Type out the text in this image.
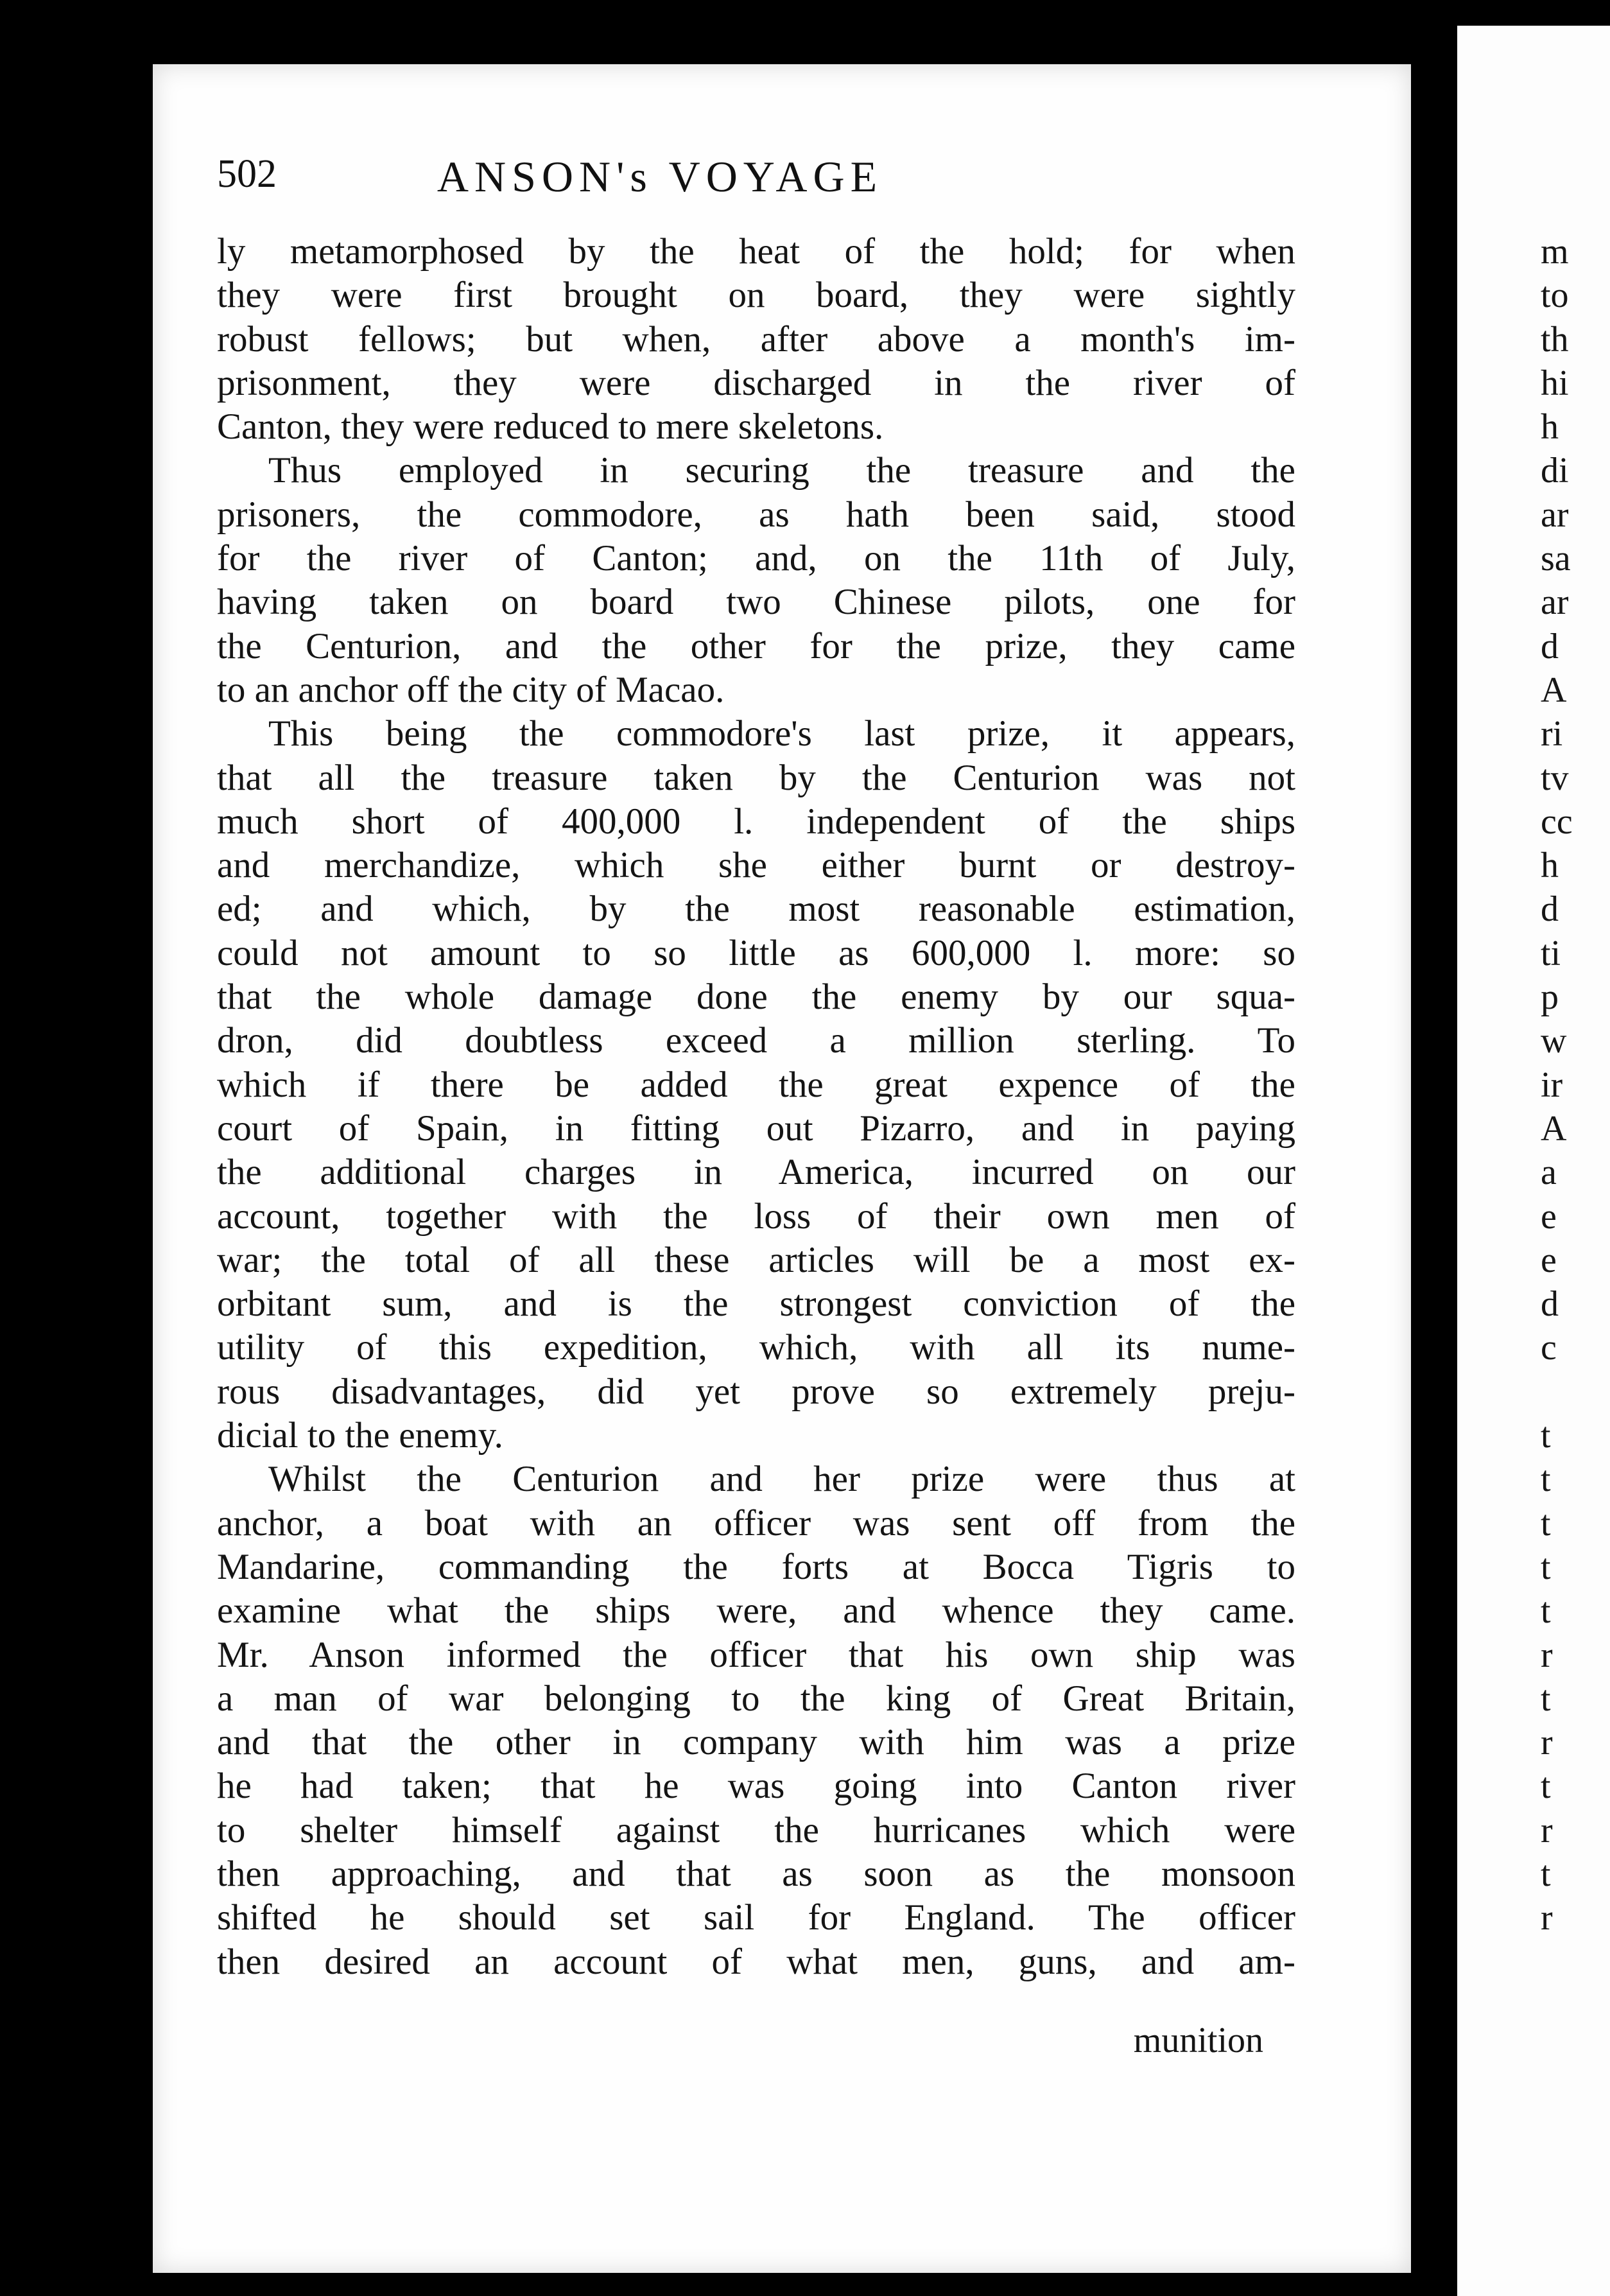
502	ANSON's VOYAGE
ly metamorphosed by the heat of the hold; for when
they were first brought on board, they were sightly
robust fellows; but when, after above a month's im-
prisonment, they were discharged in the river of
Canton, they were reduced to mere skeletons.
Thus employed in securing the treasure and the
prisoners, the commodore, as hath been said, stood
for the river of Canton; and, on the 11th of July,
having taken on board two Chinese pilots, one for
the Centurion, and the other for the prize, they came
to an anchor off the city of Macao.
This being the commodore's last prize, it appears,
that all the treasure taken by the Centurion was not
much short of 400,000 l. independent of the ships
and merchandize, which she either burnt or destroy-
ed; and which, by the most reasonable estimation,
could not amount to so little as 600,000 l. more: so
that the whole damage done the enemy by our squa-
dron, did doubtless exceed a million sterling. To
which if there be added the great expence of the
court of Spain, in fitting out Pizarro, and in paying
the additional charges in America, incurred on our
account, together with the loss of their own men of
war; the total of all these articles will be a most ex-
orbitant sum, and is the strongest conviction of the
utility of this expedition, which, with all its nume-
rous disadvantages, did yet prove so extremely preju-
dicial to the enemy.
Whilst the Centurion and her prize were thus at
anchor, a boat with an officer was sent off from the
Mandarine, commanding the forts at Bocca Tigris to
examine what the ships were, and whence they came.
Mr. Anson informed the officer that his own ship was
a man of war belonging to the king of Great Britain,
and that the other in company with him was a prize
he had taken; that he was going into Canton river
to shelter himself against the hurricanes which were
then approaching, and that as soon as the monsoon
shifted he should set sail for England. The officer
then desired an account of what men, guns, and am-
munition
m
to
th
hi
h
di
ar
sa
ar
d
A
ri
tv
cc
h
d
ti
p
w
ir
A
a
e
e
d
c
t
t
t
t
t
r
t
r
t
r
t
r
